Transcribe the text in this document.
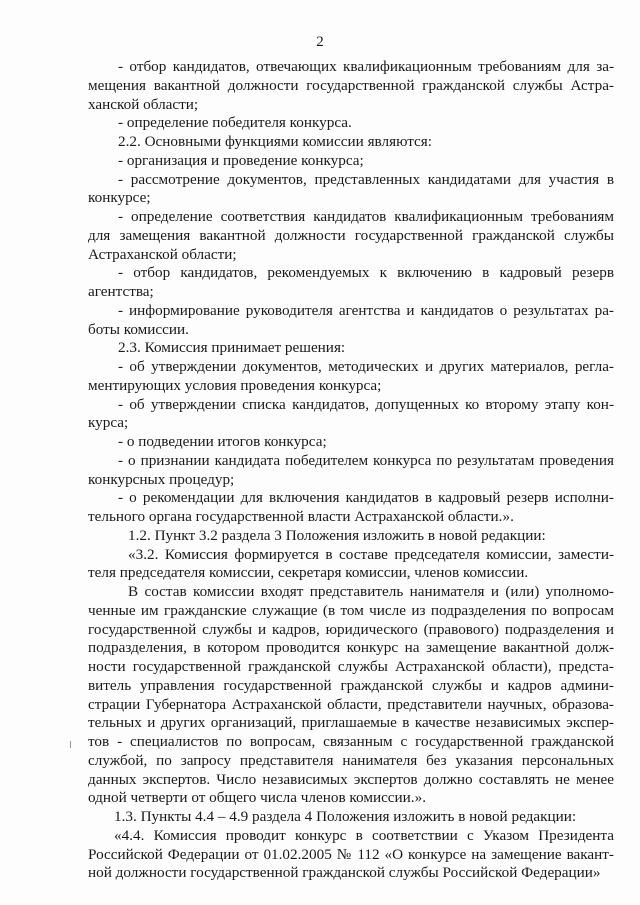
2

- отбор кандидатов, отвечающих квалификационным требованиям для за-
мещения вакантной должности государственной гражданской службы Астра-
ханской области;

- определение победителя конкурса.

2.2. Основными функциями комиссии являются:

- организация и проведение конкурса;

- рассмотрение документов, представленных кандидатами для участия в
конкурсе;

- определение соответствия кандидатов квалификационным требованиям
для замещения вакантной должности государственной гражданской службы
Астраханской области;

- отбор кандидатов, рекомендуемых к включению в кадровый резерв
агентства;

- информирование руководителя агентства и кандидатов о результатах ра-
боты комиссии.

2.3. Комиссия принимает решения:

- об утверждении документов, методических и других материалов, регла-
ментирующих условия проведения конкурса;

- об утверждении списка кандидатов, допущенных ко второму этапу кон-
курса;

- о подведении итогов конкурса;

- о признании кандидата победителем конкурса по результатам проведения
конкурсных процедур;

- о рекомендации для включения кандидатов в кадровый резерв исполни-
тельного органа государственной власти Астраханской области.».

1.2. Пункт 3.2 раздела 3 Положения изложить в новой редакции:

«3.2. Комиссия формируется в составе председателя комиссии, замести-
теля председателя комиссии, секретаря комиссии, членов комиссии.

В состав комиссии входят представитель нанимателя и (или) уполномо-
ченные им гражданские служащие (в том числе из подразделения по вопросам
государственной службы и кадров, юридического (правового) подразделения и
подразделения, в котором проводится конкурс на замещение вакантной долж-
ности государственной гражданской службы Астраханской области), предста-
витель управления государственной гражданской службы и кадров админи-
страции Губернатора Астраханской области, представители научных, образова-
тельных и других организаций, приглашаемые в качестве независимых экспер-
тов - специалистов по вопросам, связанным с государственной гражданской
службой, по запросу представителя нанимателя без указания персональных
данных экспертов. Число независимых экспертов должно составлять не менее
одной четверти от общего числа членов комиссии.».

1.3. Пункты 4.4 – 4.9 раздела 4 Положения изложить в новой редакции:

«4.4. Комиссия проводит конкурс в соответствии с Указом Президента
Российской Федерации от 01.02.2005 № 112 «О конкурсе на замещение вакант-
ной должности государственной гражданской службы Российской Федерации»
